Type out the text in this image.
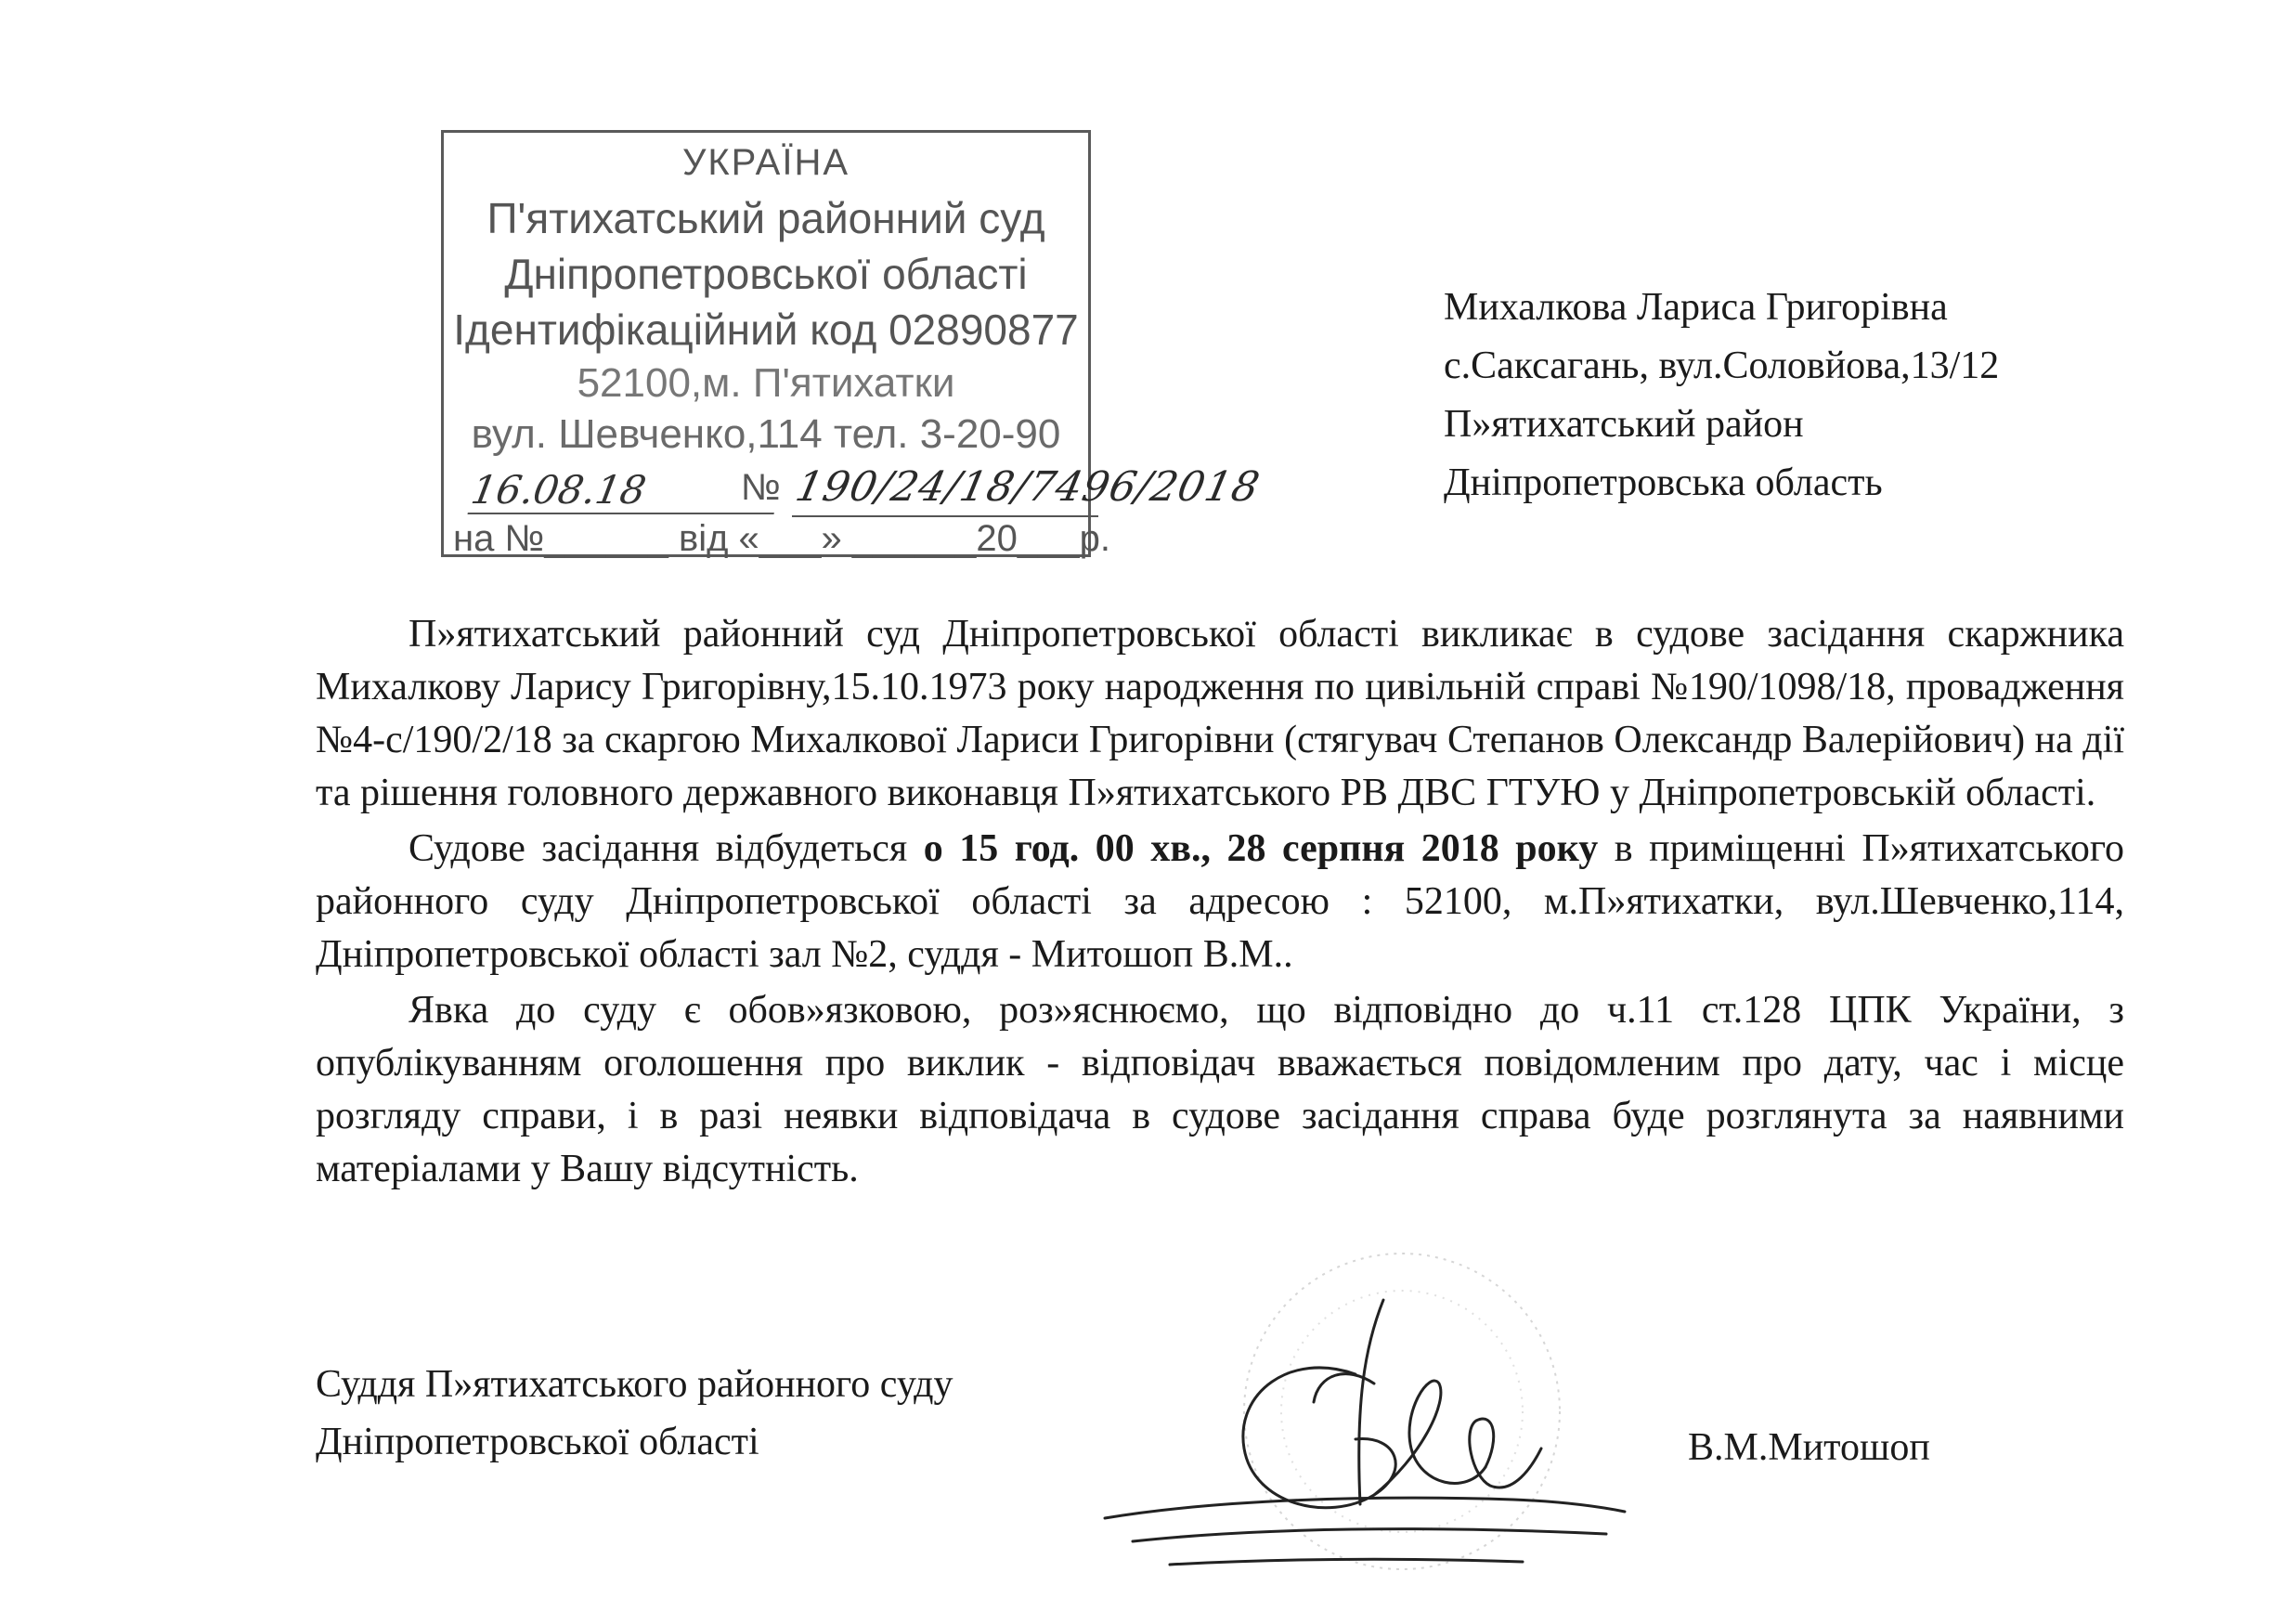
УКРАЇНА
П'ятихатський районний суд
Дніпропетровської області
Ідентифікаційний код 02890877
52100,м. П'ятихатки
вул. Шевченко,114 тел. 3-20-90
16.08.18	№ 190/24/18/7496/2018
на №______ від «___» ______20___р.
Михалкова Лариса Григорівна
с.Саксагань, вул.Соловйова,13/12
П»ятихатський район
Дніпропетровська область

П»ятихатський районний суд Дніпропетровської області викликає в судове засідання скаржника Михалкову Ларису Григорівну,15.10.1973 року народження по цивільній справі №190/1098/18, провадження №4-с/190/2/18 за скаргою Михалкової Лариси Григорівни (стягувач Степанов Олександр Валерійович) на дії та рішення головного державного виконавця П»ятихатського РВ ДВС ГТУЮ у Дніпропетровській області.

Судове засідання відбудеться о 15 год. 00 хв., 28 серпня 2018 року в приміщенні П»ятихатського районного суду Дніпропетровської області за адресою : 52100, м.П»ятихатки, вул.Шевченко,114, Дніпропетровської області зал №2, суддя - Митошоп В.М..

Явка до суду є обов»язковою, роз»яснюємо, що відповідно до ч.11 ст.128 ЦПК України, з опублікуванням оголошення про виклик - відповідач вважається повідомленим про дату, час і місце розгляду справи, і в разі неявки відповідача в судове засідання справа буде розглянута за наявними матеріалами у Вашу відсутність.

Суддя П»ятихатського районного суду
Дніпропетровської області	В.М.Митошоп
